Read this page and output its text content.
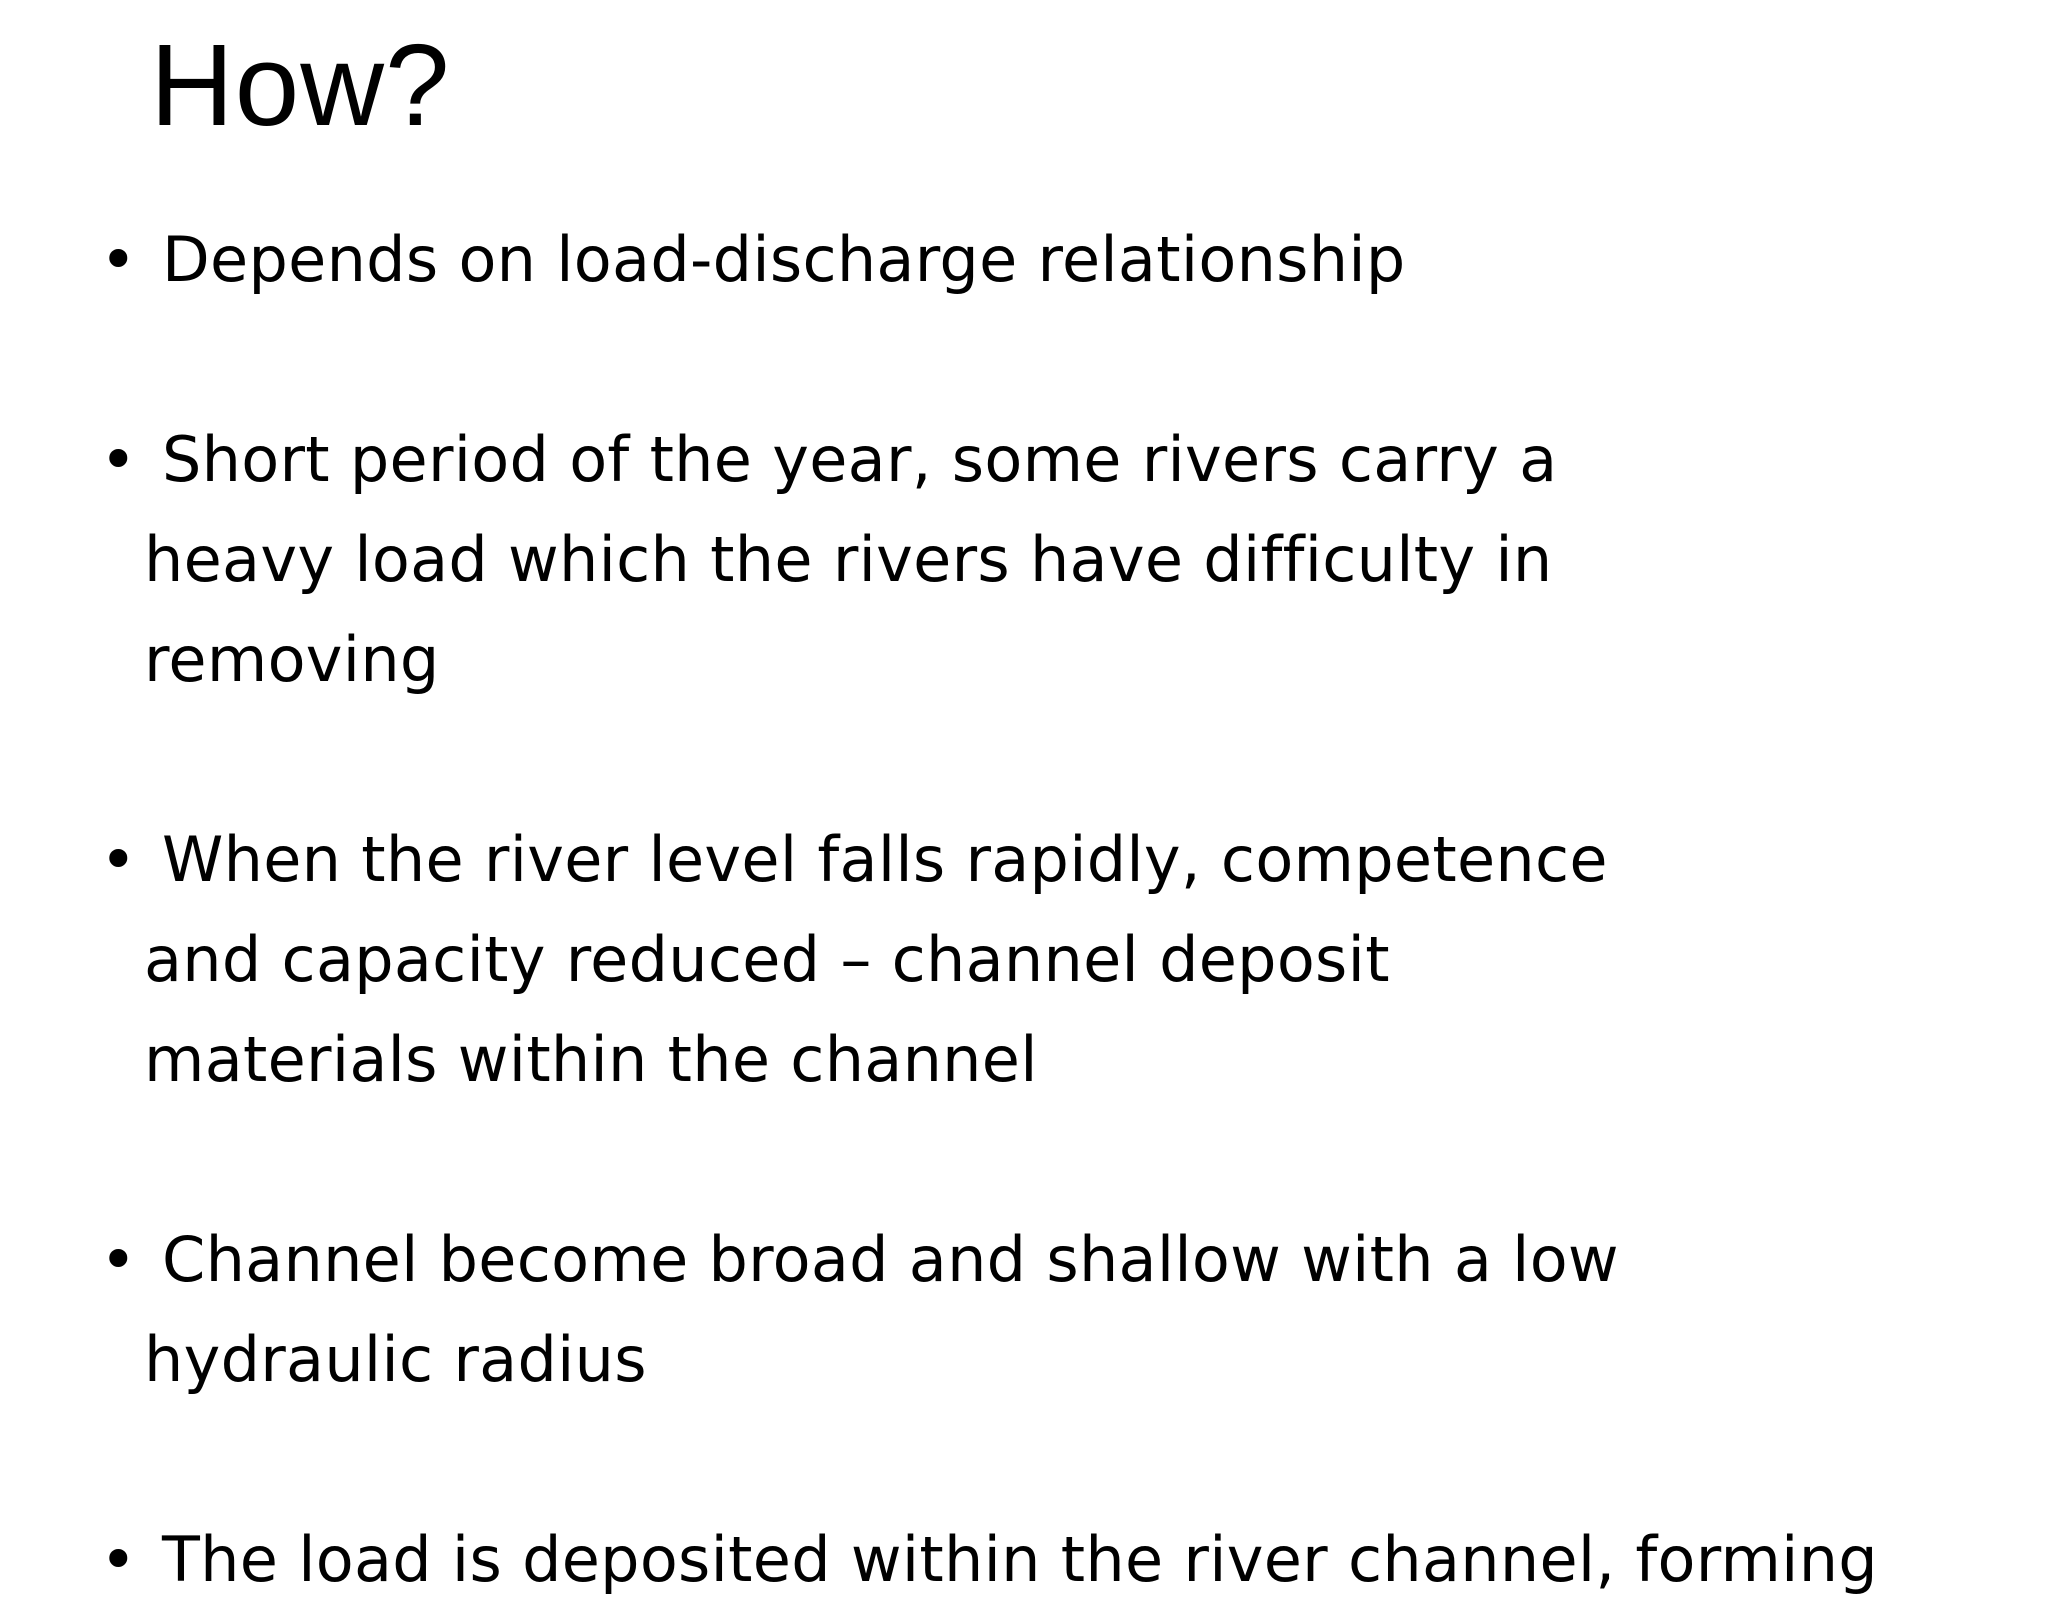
How?
• Depends on load-discharge relationship
• Short period of the year, some rivers carry a
heavy load which the rivers have difficulty in
removing
• When the river level falls rapidly, competence
and capacity reduced – channel deposit
materials within the channel
• Channel become broad and shallow with a low
hydraulic radius
• The load is deposited within the river channel, forming
